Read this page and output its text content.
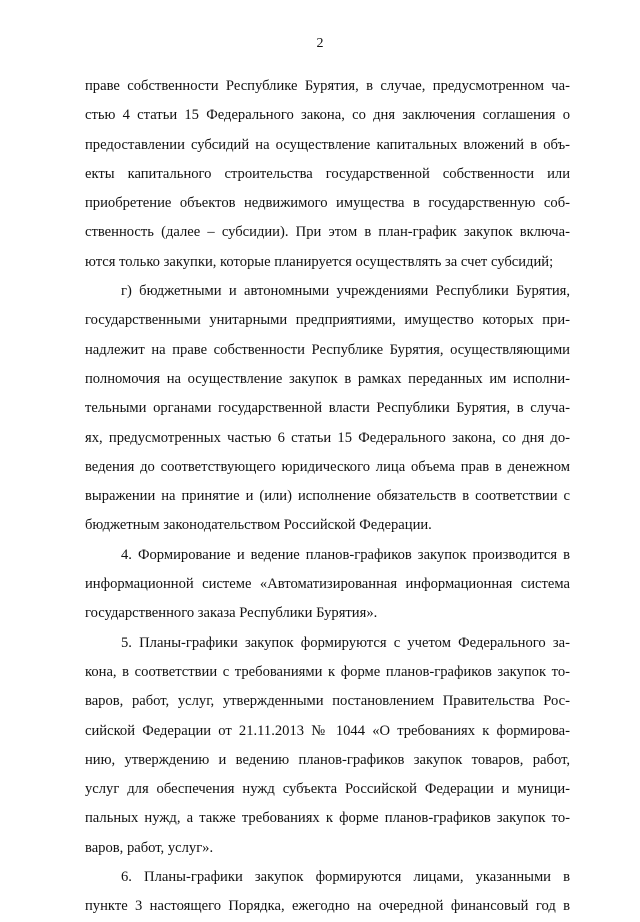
2
праве собственности Республике Бурятия, в случае, предусмотренном ча-
стью 4 статьи 15 Федерального закона, со дня заключения соглашения о
предоставлении субсидий на осуществление капитальных вложений в объ-
екты капитального строительства государственной собственности или
приобретение объектов недвижимого имущества в государственную соб-
ственность (далее – субсидии). При этом в план-график закупок включа-
ются только закупки, которые планируется осуществлять за счет субсидий;
г) бюджетными и автономными учреждениями Республики Бурятия,
государственными унитарными предприятиями, имущество которых при-
надлежит на праве собственности Республике Бурятия, осуществляющими
полномочия на осуществление закупок в рамках переданных им исполни-
тельными органами государственной власти Республики Бурятия, в случа-
ях, предусмотренных частью 6 статьи 15 Федерального закона, со дня до-
ведения до соответствующего юридического лица объема прав в денежном
выражении на принятие и (или) исполнение обязательств в соответствии с
бюджетным законодательством Российской Федерации.
4. Формирование и ведение планов-графиков закупок производится в
информационной системе «Автоматизированная информационная система
государственного заказа Республики Бурятия».
5. Планы-графики закупок формируются с учетом Федерального за-
кона, в соответствии с требованиями к форме планов-графиков закупок то-
варов, работ, услуг, утвержденными постановлением Правительства Рос-
сийской Федерации от 21.11.2013 № 1044 «О требованиях к формирова-
нию, утверждению и ведению планов-графиков закупок товаров, работ,
услуг для обеспечения нужд субъекта Российской Федерации и муници-
пальных нужд, а также требованиях к форме планов-графиков закупок то-
варов, работ, услуг».
6. Планы-графики закупок формируются лицами, указанными в
пункте 3 настоящего Порядка, ежегодно на очередной финансовый год в
